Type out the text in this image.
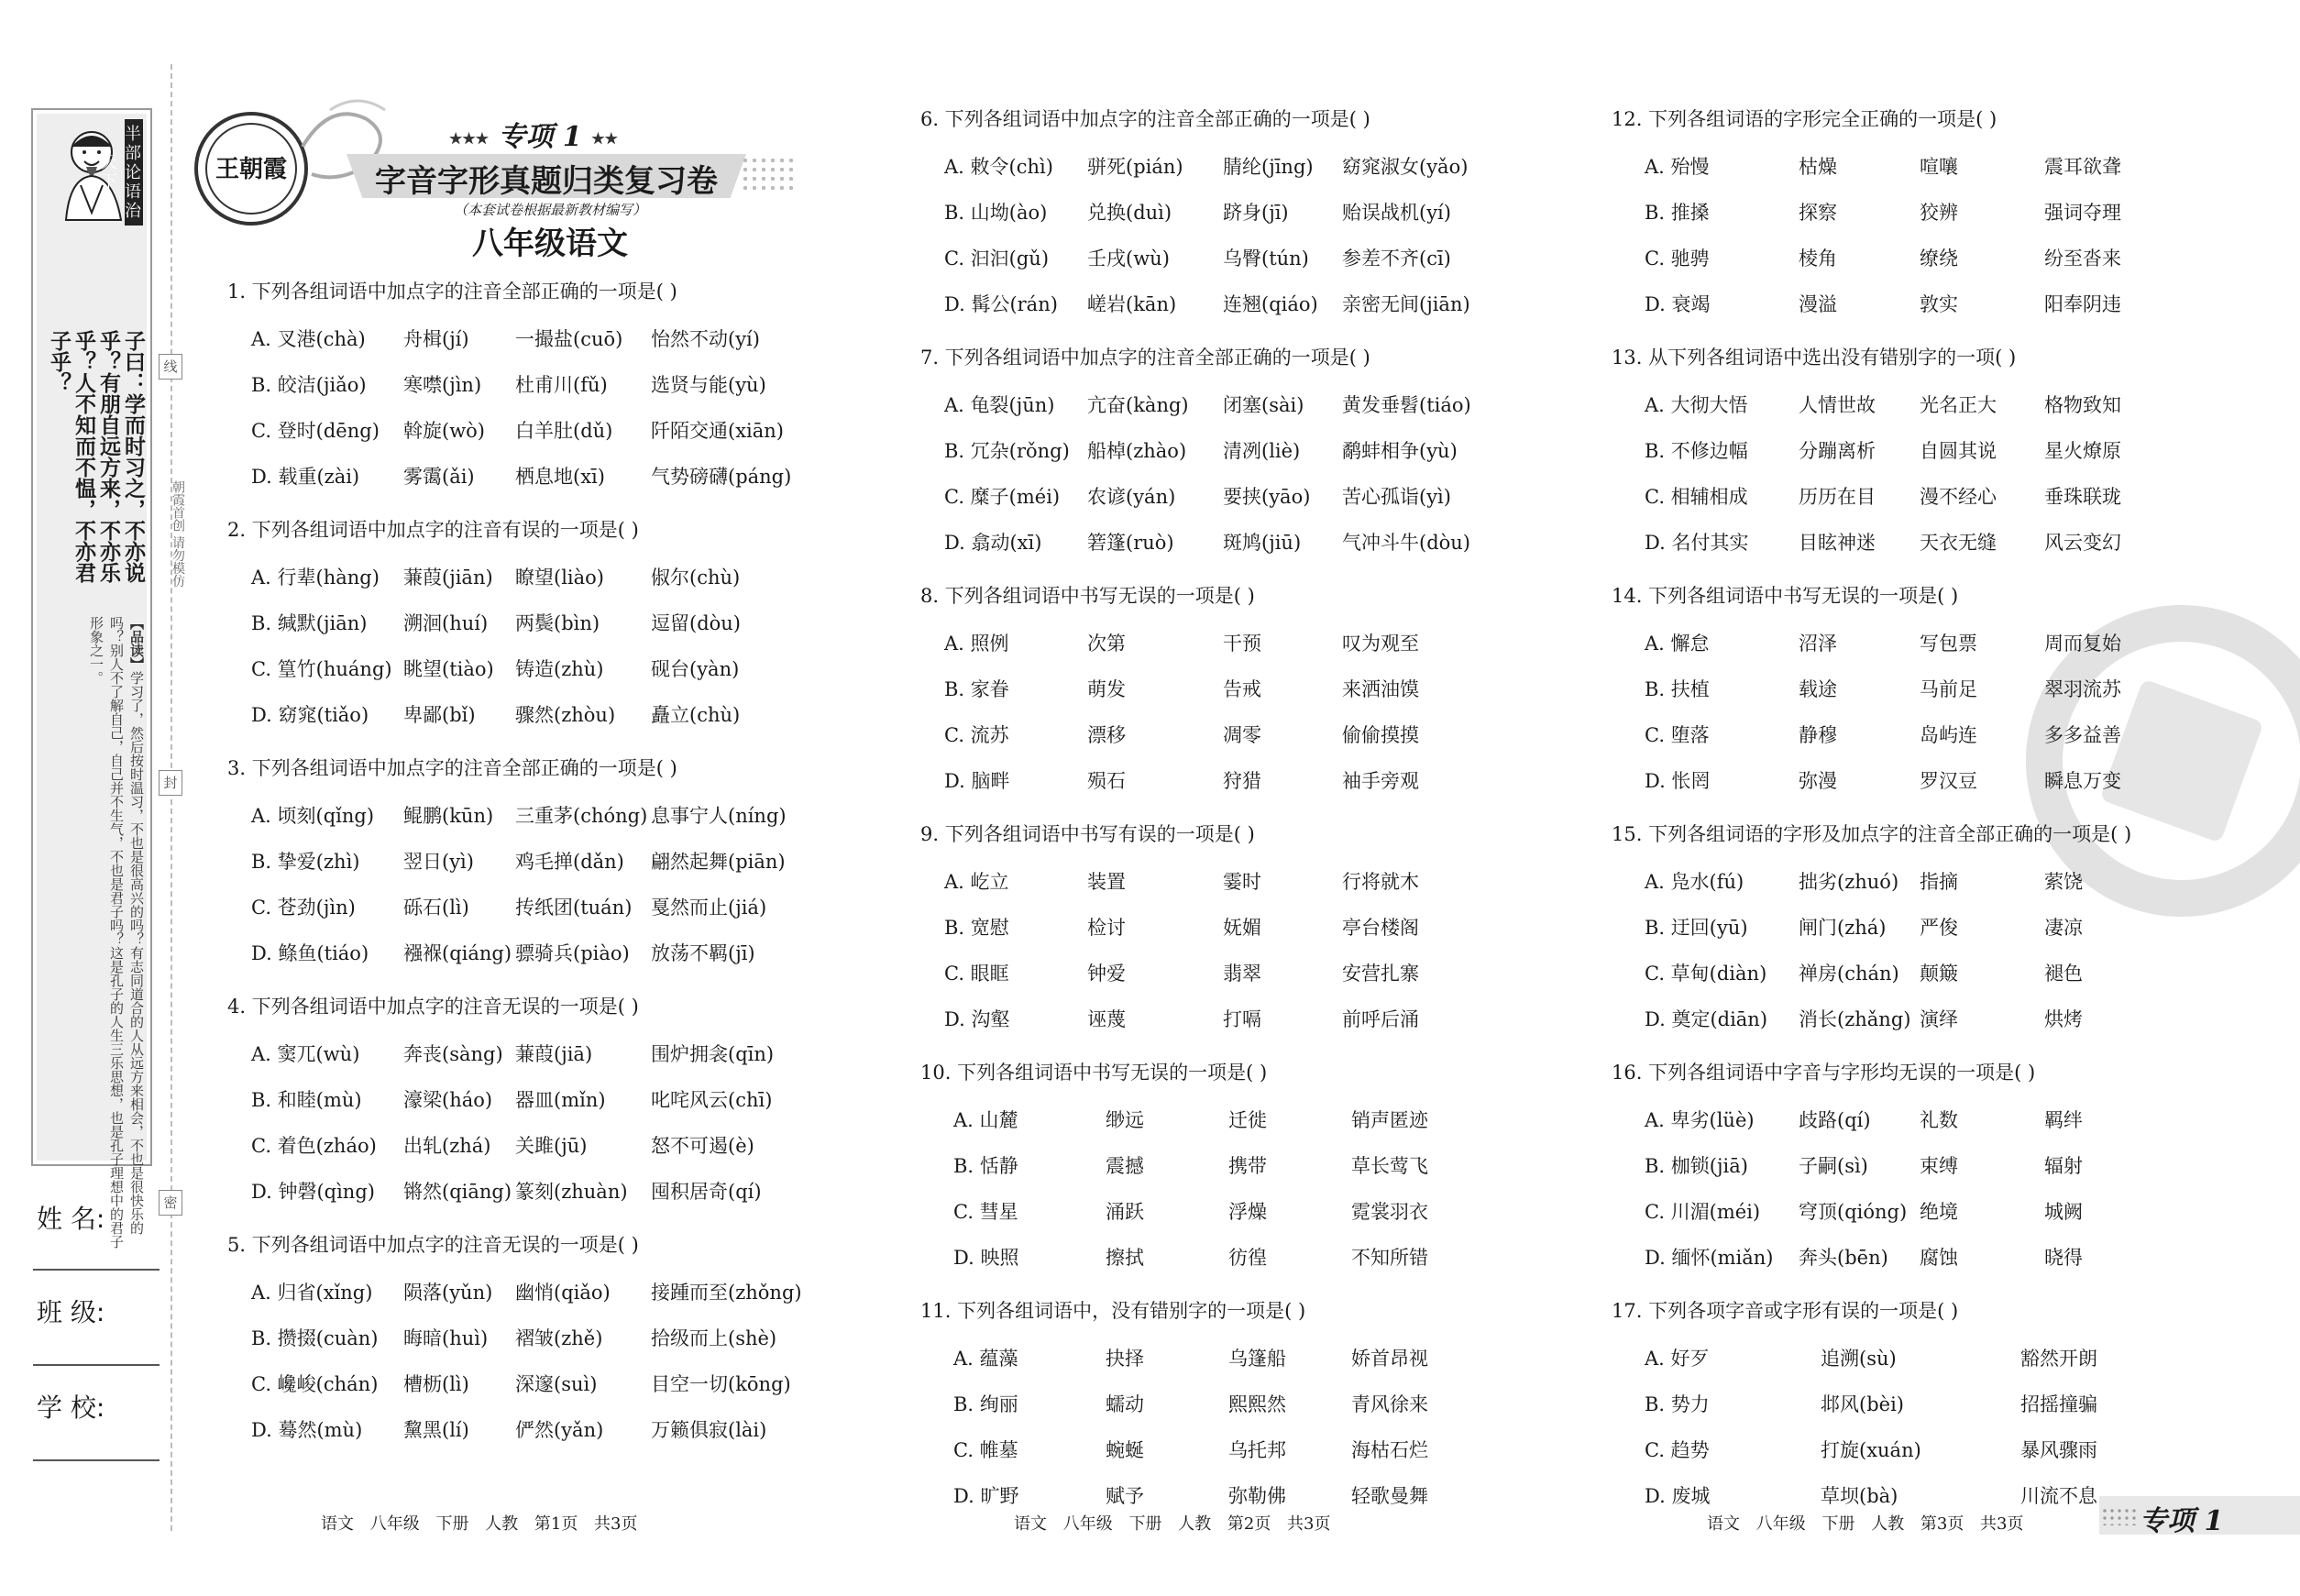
半部论语治天下
子曰：学而时习之，不亦说乎？有朋自远方来，不亦乐乎？人不知而不愠，不亦君子乎？
【品读】学习了，然后按时温习，不也是很高兴的吗？有志同道合的人从远方来相会，不也是很快乐的吗？别人不了解自己，自己并不生气，不也是君子吗？这是孔子的人生三乐思想，也是孔子理想中的君子形象之一。
姓 名:
班 级:
学 校:
线
朝霞首创 请勿模仿
封
密
王朝霞
★★★ 专项 1 ★★
字音字形真题归类复习卷
（本套试卷根据最新教材编写）
八年级语文
1. 下列各组词语中加点字的注音全部正确的一项是( )
A. 叉港(chà) 舟楫(jí) 一撮盐(cuō) 怡然不动(yí)
B. 皎洁(jiǎo) 寒噤(jìn) 杜甫川(fǔ) 选贤与能(yù)
C. 登时(dēng) 斡旋(wò) 白羊肚(dǔ) 阡陌交通(xiān)
D. 载重(zài) 雾霭(ǎi) 栖息地(xī) 气势磅礴(páng)
2. 下列各组词语中加点字的注音有误的一项是( )
A. 行辈(hàng) 蒹葭(jiān) 瞭望(liào) 俶尔(chù)
B. 缄默(jiān) 溯洄(huí) 两鬓(bìn)	逗留(dòu)
C. 篁竹(huáng) 眺望(tiào) 铸造(zhù) 砚台(yàn)
D. 窈窕(tiǎo) 卑鄙(bǐ) 骤然(zhòu) 矗立(chù)
3. 下列各组词语中加点字的注音全部正确的一项是( )
A. 顷刻(qǐng) 鲲鹏(kūn) 三重茅(chóng) 息事宁人(níng)
B. 挚爱(zhì) 翌日(yì) 鸡毛掸(dǎn) 翩然起舞(piān)
C. 苍劲(jìn) 砾石(lì) 抟纸团(tuán) 戛然而止(jiá)
D. 鲦鱼(tiáo) 襁褓(qiáng) 骠骑兵(piào) 放荡不羁(jī)
4. 下列各组词语中加点字的注音无误的一项是( )
A. 窦兀(wù) 奔丧(sàng) 蒹葭(jiā)	围炉拥衾(qīn)
B. 和睦(mù) 濠梁(háo) 器皿(mǐn) 叱咤风云(chī)
C. 着色(zháo) 出轧(zhá) 关雎(jū)	怒不可遏(è)
D. 钟磬(qìng) 锵然(qiāng) 篆刻(zhuàn) 囤积居奇(qí)
5. 下列各组词语中加点字的注音无误的一项是( )
A. 归省(xǐng) 陨落(yǔn) 幽悄(qiǎo) 接踵而至(zhǒng)
B. 攒掇(cuàn) 晦暗(huì) 褶皱(zhě)	拾级而上(shè)
C. 巉峻(chán) 槽枥(lì) 深邃(suì)	目空一切(kōng)
D. 蓦然(mù) 黧黑(lí) 俨然(yǎn) 万籁俱寂(lài)
6. 下列各组词语中加点字的注音全部正确的一项是( )
A. 敕令(chì) 骈死(pián) 腈纶(jīng) 窈窕淑女(yǎo)
B. 山坳(ào) 兑换(duì)	跻身(jī)	贻误战机(yí)
C. 汩汩(gǔ) 壬戌(wù)	乌臀(tún) 参差不齐(cī)
D. 髯公(rán) 嵯岩(kān) 连翘(qiáo) 亲密无间(jiān)
7. 下列各组词语中加点字的注音全部正确的一项是( )
A. 龟裂(jūn) 亢奋(kàng) 闭塞(sài) 黄发垂髫(tiáo)
B. 冗杂(rǒng) 船棹(zhào) 清冽(liè) 鹬蚌相争(yù)
C. 糜子(méi) 农谚(yán) 要挟(yāo) 苦心孤诣(yì)
D. 翕动(xī) 箬篷(ruò)	斑鸠(jiū) 气冲斗牛(dòu)
8. 下列各组词语中书写无误的一项是( )
A. 照例	次第	干预	叹为观至
B. 家眷	萌发	告戒	来洒油馍
C. 流苏	漂移	凋零	偷偷摸摸
D. 脑畔	殒石	狩猎	袖手旁观
9. 下列各组词语中书写有误的一项是( )
A. 屹立	装置	霎时	行将就木
B. 宽慰	检讨	妩媚	亭台楼阁
C. 眼眶	钟爱	翡翠	安营扎寨
D. 沟壑	诬蔑	打嗝	前呼后涌
10. 下列各组词语中书写无误的一项是( )
A. 山麓	缈远	迁徙	销声匿迹
B. 恬静	震撼	携带	草长莺飞
C. 彗星	涌跃	浮燥	霓裳羽衣
D. 映照	擦拭	彷徨	不知所错
11. 下列各组词语中，没有错别字的一项是( )
A. 蕴藻	抉择	乌篷船	娇首昂视
B. 绚丽	蠕动	熙熙然	青风徐来
C. 帷墓	蜿蜒	乌托邦	海枯石烂
D. 旷野	赋予	弥勒佛	轻歌曼舞
12. 下列各组词语的字形完全正确的一项是( )
A. 殆慢	枯燥	喧嚷	震耳欲聋
B. 推搡	探察	狡辨	强词夺理
C. 驰骋	棱角	缭绕	纷至沓来
D. 衰竭	漫溢	敦实	阳奉阴违
13. 从下列各组词语中选出没有错别字的一项( )
A. 大彻大悟	人情世故 光名正大 格物致知
B. 不修边幅	分蹦离析 自圆其说 星火燎原
C. 相辅相成	历历在目 漫不经心 垂珠联珑
D. 名付其实	目眩神迷 天衣无缝 风云变幻
14. 下列各组词语中书写无误的一项是( )
A. 懈怠	沼泽	写包票	周而复始
B. 扶植	载途	马前足	翠羽流苏
C. 堕落	静穆	岛屿连	多多益善
D. 怅罔	弥漫	罗汉豆	瞬息万变
15. 下列各组词语的字形及加点字的注音全部正确的一项是( )
A. 凫水(fú)	拙劣(zhuó) 指摘	萦饶
B. 迂回(yū)	闸门(zhá) 严俊	凄凉
C. 草甸(diàn) 禅房(chán) 颠簸	褪色
D. 奠定(diān) 消长(zhǎng) 演绎	烘烤
16. 下列各组词语中字音与字形均无误的一项是( )
A. 卑劣(lüè) 歧路(qí)	礼数	羁绊
B. 枷锁(jiā)	子嗣(sì)	束缚	辐射
C. 川湄(méi) 穹顶(qióng) 绝境	城阙
D. 缅怀(miǎn) 奔头(bēn) 腐蚀	晓得
17. 下列各项字音或字形有误的一项是( )
A. 好歹	追溯(sù)	豁然开朗
B. 势力	邶风(bèi)	招摇撞骗
C. 趋势	打旋(xuán)	暴风骤雨
D. 废城	草坝(bà)	川流不息
语文 八年级 下册 人教 第1页 共3页	语文 八年级 下册 人教 第2页 共3页	语文 八年级 下册 人教 第3页 共3页	专项 1
